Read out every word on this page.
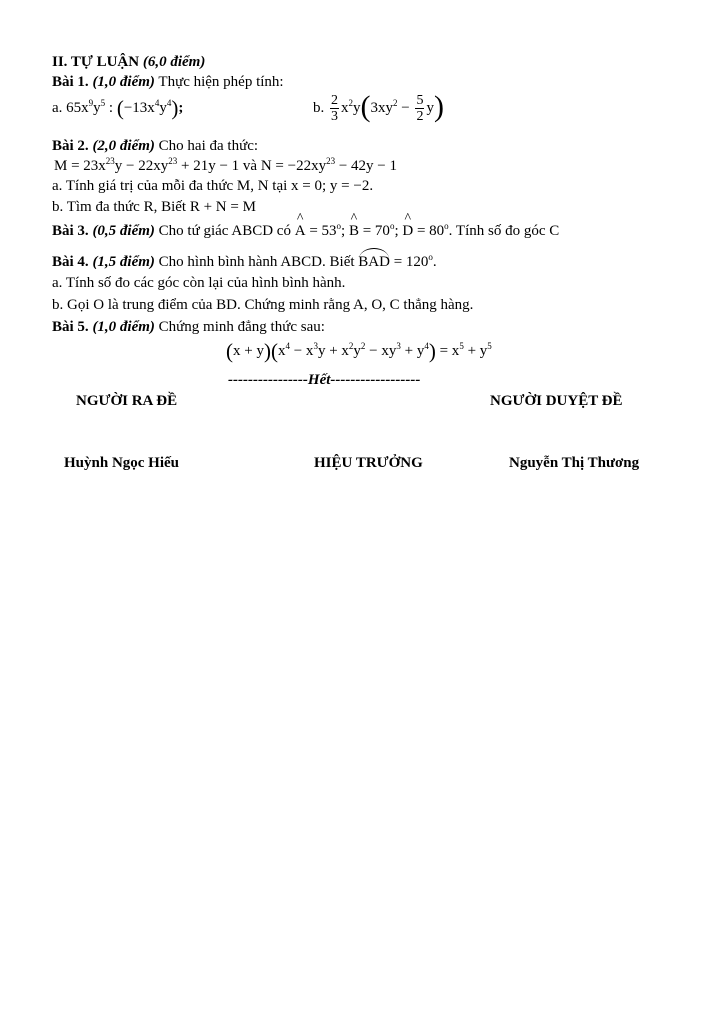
II. TỰ LUẬN (6,0 điểm)
Bài 1. (1,0 điểm) Thực hiện phép tính:
a. $65x^9y^5$ : $(-13x^4y^4)$;	b. $\frac{2}{3} x^2y(3xy^2 - \frac{5}{2} y)$
Bài 2. (2,0 điểm) Cho hai đa thức:
$M = 23x^{23}y - 22xy^{23} + 21y - 1$ và $N = -22xy^{23} - 42y - 1$
a. Tính giá trị của mỗi đa thức M, N tại x = 0; y = −2.
b. Tìm đa thức R, Biết R + N = M
Bài 3. (0,5 điểm) Cho tứ giác ABCD có ^ $A = 53^o$; ^ $B = 70^o$; ^ $D = 80^o$. Tính số đo góc C
Bài 4. (1,5 điểm) Cho hình bình hành ABCD. Biết BAD = $120^o$.
a. Tính số đo các góc còn lại của hình bình hành.
b. Gọi O là trung điểm của BD. Chứng minh rằng A, O, C thẳng hàng.
Bài 5. (1,0 điểm) Chứng minh đẳng thức sau:
$(x + y)(x^4 - x^3y + x^2y^2 - xy^3 + y^4) = x^5 + y^5$
----------------Hết------------------
NGƯỜI RA ĐỀ	NGƯỜI DUYỆT ĐỀ
Huỳnh Ngọc Hiếu	HIỆU TRƯỞNG	Nguyễn Thị Thương
